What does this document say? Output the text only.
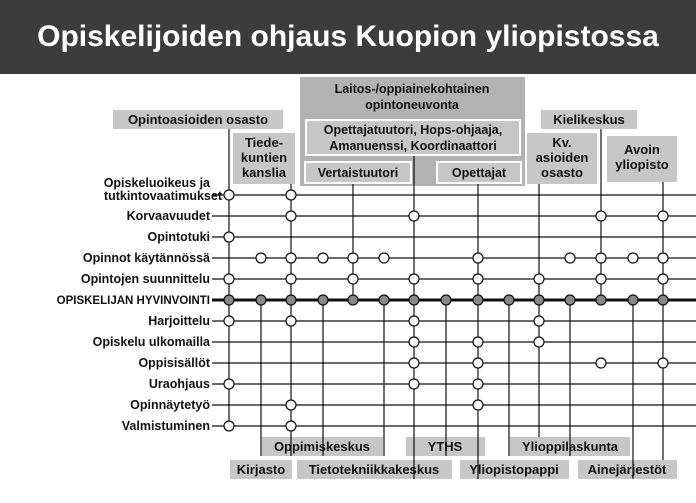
Opiskelijoiden ohjaus Kuopion yliopistossa
Laitos-/oppiainekohtainen
opintoneuvonta
Opettajatuutori, Hops-ohjaaja,
Amanuenssi, Koordinaattori
Vertaistuutori	Opettajat
Opintoasioiden osasto
Tiede-
kuntien
kanslia
Kielikeskus
Kv.
asioiden
osasto
Avoin
yliopisto
Oppimiskeskus	YTHS	Ylioppilaskunta
Kirjasto Tietotekniikkakeskus Yliopistopappi Ainejärjestöt
Opiskeluoikeus ja
tutkintovaatimukset
Korvaavuudet
Opintotuki
Opinnot käytännössä
Opintojen suunnittelu
OPISKELIJAN HYVINVOINTI
Harjoittelu
Opiskelu ulkomailla
Oppisisällöt
Uraohjaus
Opinnäytetyö
Valmistuminen
